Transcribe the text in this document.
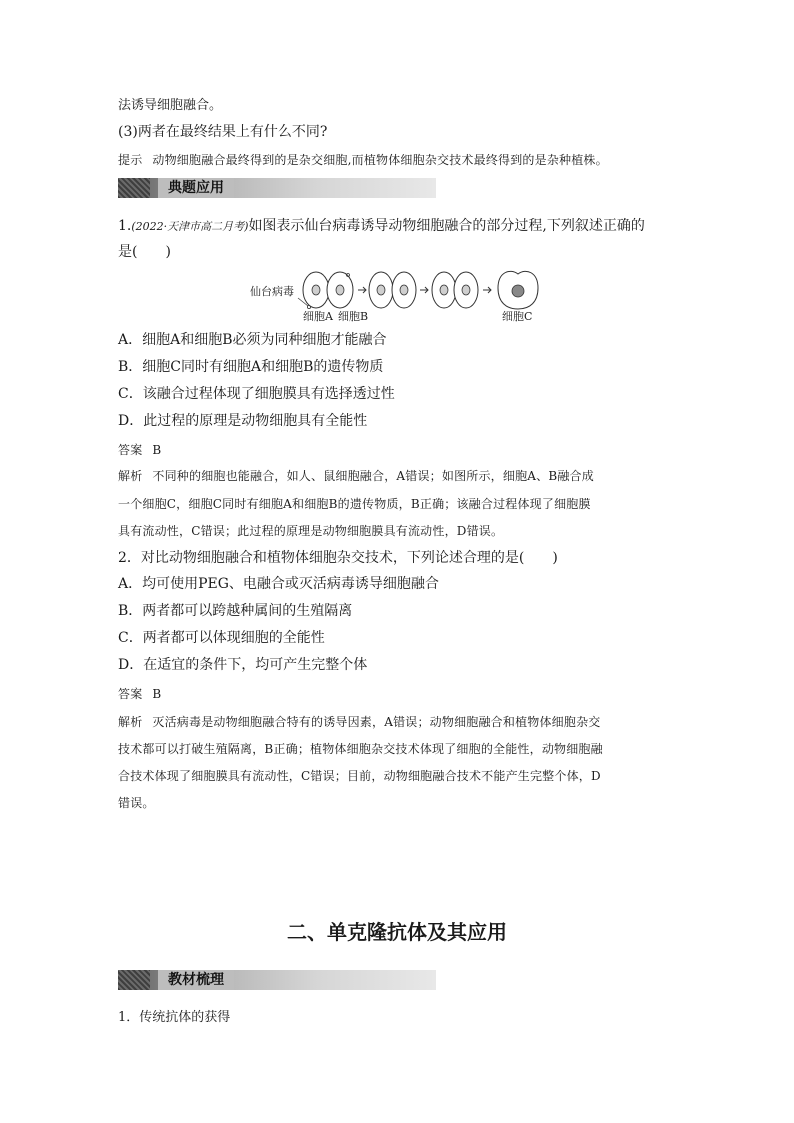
法诱导细胞融合。
(3)两者在最终结果上有什么不同?
提示 动物细胞融合最终得到的是杂交细胞,而植物体细胞杂交技术最终得到的是杂种植株。
典题应用
1.(2022·天津市高二月考)如图表示仙台病毒诱导动物细胞融合的部分过程,下列叙述正确的
是(　　)
仙台病毒
细胞A 细胞B	细胞C
A．细胞A和细胞B必须为同种细胞才能融合
B．细胞C同时有细胞A和细胞B的遗传物质
C．该融合过程体现了细胞膜具有选择透过性
D．此过程的原理是动物细胞具有全能性
答案 B
解析 不同种的细胞也能融合，如人、鼠细胞融合，A错误；如图所示，细胞A、B融合成
一个细胞C，细胞C同时有细胞A和细胞B的遗传物质，B正确；该融合过程体现了细胞膜
具有流动性，C错误；此过程的原理是动物细胞膜具有流动性，D错误。
2．对比动物细胞融合和植物体细胞杂交技术，下列论述合理的是(　　)
A．均可使用PEG、电融合或灭活病毒诱导细胞融合
B．两者都可以跨越种属间的生殖隔离
C．两者都可以体现细胞的全能性
D．在适宜的条件下，均可产生完整个体
答案 B
解析 灭活病毒是动物细胞融合特有的诱导因素，A错误；动物细胞融合和植物体细胞杂交
技术都可以打破生殖隔离，B正确；植物体细胞杂交技术体现了细胞的全能性，动物细胞融
合技术体现了细胞膜具有流动性，C错误；目前，动物细胞融合技术不能产生完整个体，D
错误。
二、单克隆抗体及其应用
教材梳理
1．传统抗体的获得
